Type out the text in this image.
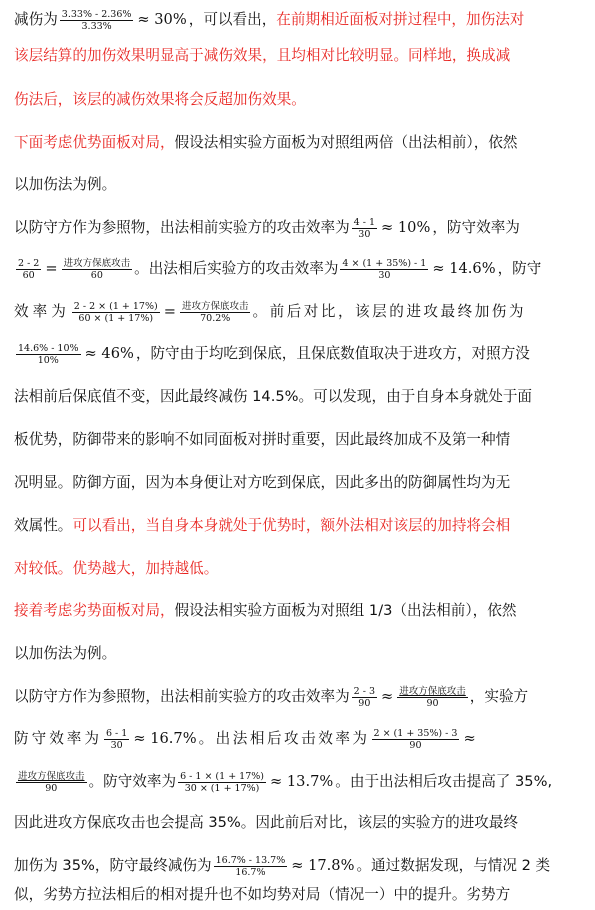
减伤为 $\frac{3.33\% - 2.36\%}{3.33\%} \approx 30\%$ ，可以看出， 在前期相近面板对拼过程中，加伤法对
该层结算的加伤效果明显高于减伤效果，且均相对比较明显。同样地，换成减
伤法后，该层的减伤效果将会反超加伤效果。
下面考虑优势面板对局， 假设法相实验方面板为对照组两倍（出法相前），依然
以加伤法为例。
以防守方作为参照物，出法相前实验方的攻击效率为 $\frac{4 - 1}{30} \approx 10\%$ ，防守效率为
$\frac{2 - 2}{60} = \frac{\text{进攻方保底攻击}}{60}$ 。出法相后实验方的攻击效率为 $\frac{4 \times (1 + 35\%) - 1}{30} \approx 14.6\%$ ，防守
效率为 $\frac{2 - 2 \times (1 + 17\%)}{60 \times (1 + 17\%)} = \frac{\text{进攻方保底攻击}}{70.2\%}$ 。前后对比，该层的进攻最终加伤为
$\frac{14.6\% - 10\%}{10\%} \approx 46\%$ ，防守由于均吃到保底，且保底数值取决于进攻方，对照方没
法相前后保底值不变，因此最终减伤 14.5%。可以发现，由于自身本身就处于面
板优势，防御带来的影响不如同面板对拼时重要，因此最终加成不及第一种情
况明显。防御方面，因为本身便让对方吃到保底，因此多出的防御属性均为无
效属性。 可以看出，当自身本身就处于优势时，额外法相对该层的加持将会相
对较低。优势越大，加持越低。
接着考虑劣势面板对局， 假设法相实验方面板为对照组 1/3（出法相前），依然
以加伤法为例。
以防守方作为参照物，出法相前实验方的攻击效率为 $\frac{2 - 3}{90} \approx \frac{\text{进攻方保底攻击}}{90}$ ，实验方
防守效率为 $\frac{6 - 1}{30} \approx 16.7\%$ 。出法相后攻击效率为 $\frac{2 \times (1 + 35\%) - 3}{90}$ ≈
$\frac{\text{进攻方保底攻击}}{90}$ 。防守效率为 $\frac{6 - 1 \times (1 + 17\%)}{30 \times (1 + 17\%)} \approx 13.7\%$ 。由于出法相后攻击提高了 35%,
因此进攻方保底攻击也会提高 35%。因此前后对比，该层的实验方的进攻最终
加伤为 35%，防守最终减伤为 $\frac{16.7\% - 13.7\%}{16.7\%} \approx 17.8\%$ 。通过数据发现，与情况 2 类
似，劣势方拉法相后的相对提升也不如均势对局（情况一）中的提升。劣势方
